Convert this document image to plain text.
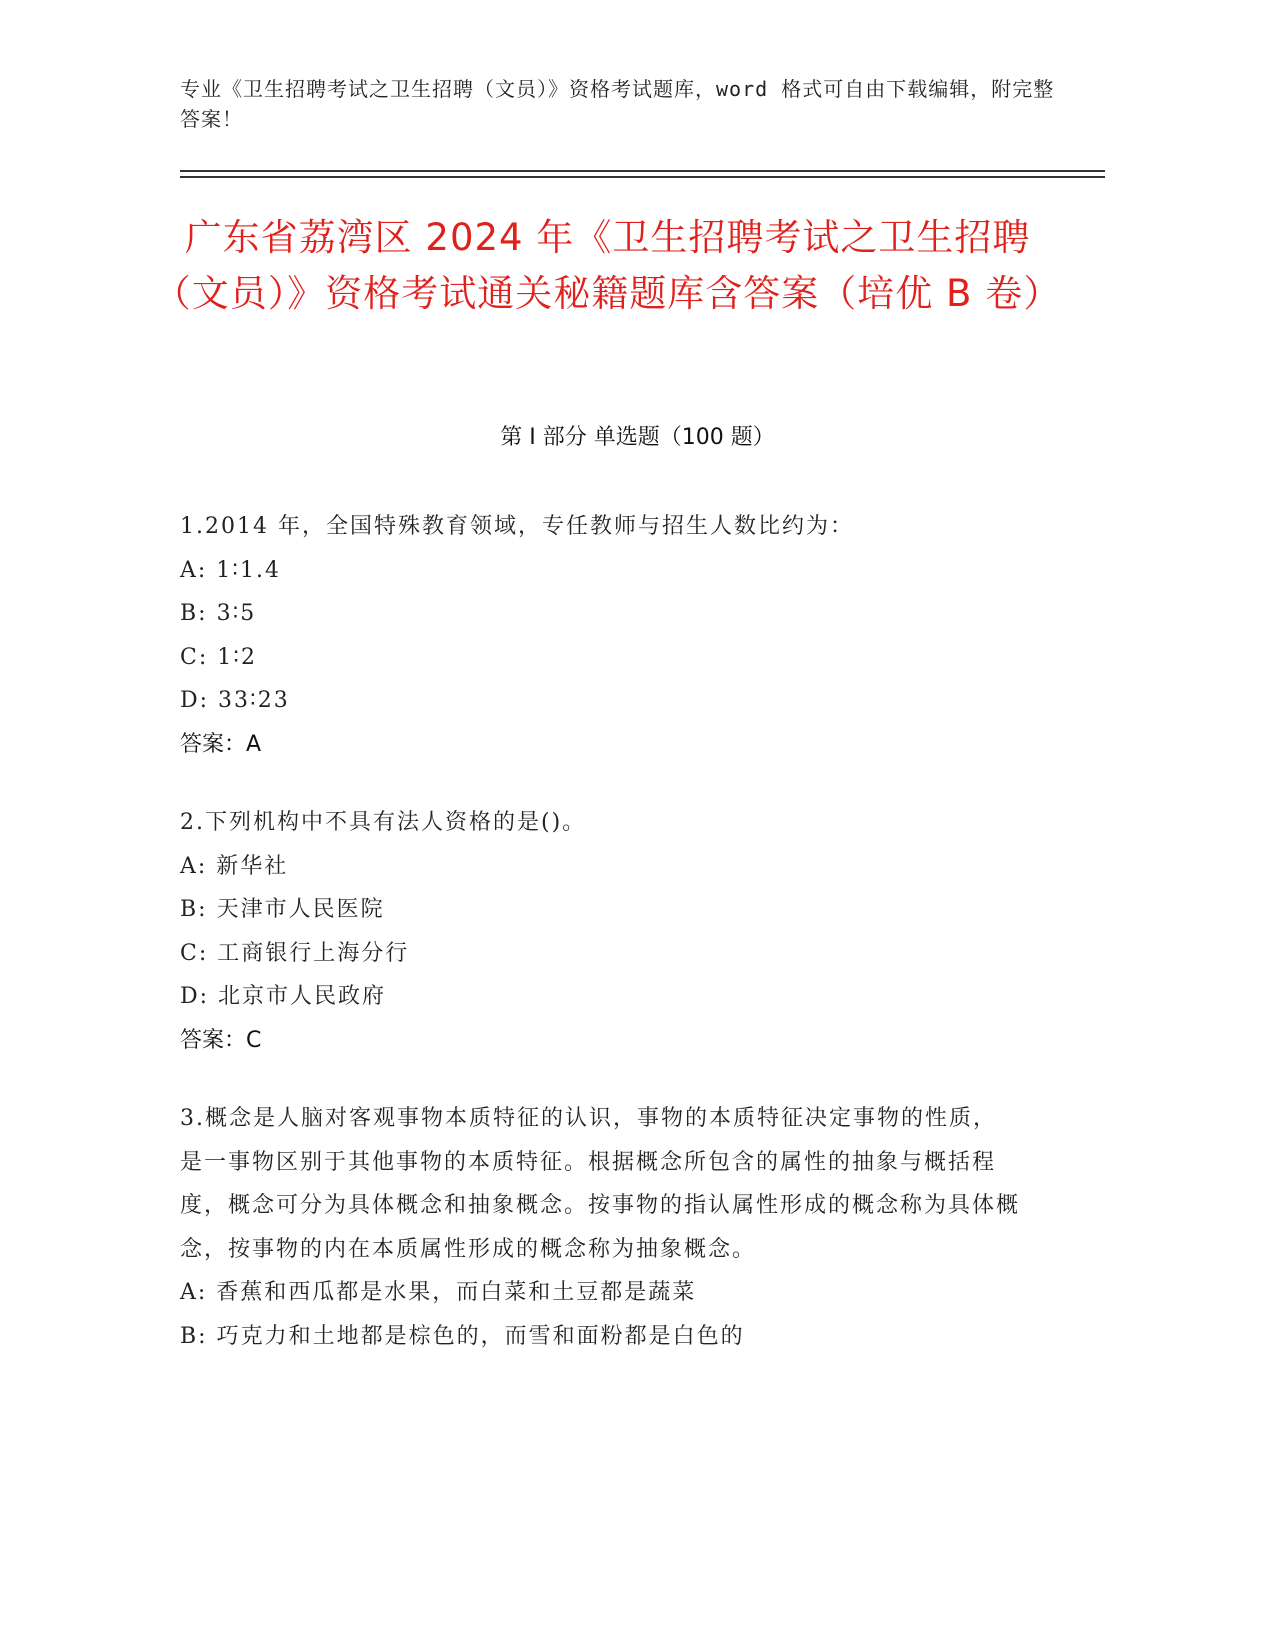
专业《卫生招聘考试之卫生招聘（文员）》资格考试题库，word 格式可自由下载编辑，附完整答案！
广东省荔湾区 2024 年《卫生招聘考试之卫生招聘（文员）》资格考试通关秘籍题库含答案（培优 B 卷）
第 I 部分 单选题（100 题）
1.2014 年，全国特殊教育领域，专任教师与招生人数比约为：
A: 1∶1.4
B: 3∶5
C: 1∶2
D: 33∶23
答案：A
2.下列机构中不具有法人资格的是()。
A: 新华社
B: 天津市人民医院
C: 工商银行上海分行
D: 北京市人民政府
答案：C
3.概念是人脑对客观事物本质特征的认识，事物的本质特征决定事物的性质，是一事物区别于其他事物的本质特征。根据概念所包含的属性的抽象与概括程度，概念可分为具体概念和抽象概念。按事物的指认属性形成的概念称为具体概念，按事物的内在本质属性形成的概念称为抽象概念。
A: 香蕉和西瓜都是水果，而白菜和土豆都是蔬菜
B: 巧克力和土地都是棕色的，而雪和面粉都是白色的
